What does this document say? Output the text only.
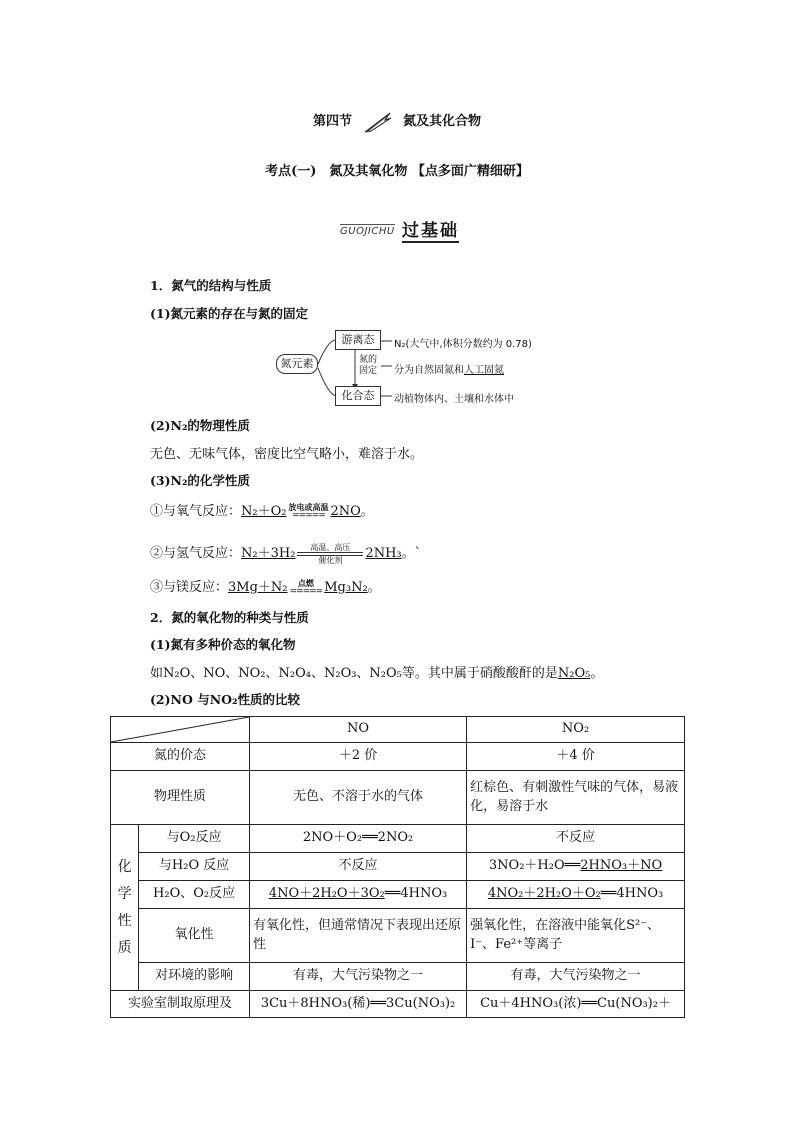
第四节	氮及其化合物
考点(一)　氮及其氧化物 【点多面广精细研】
GUOJICHU 过基础
1．氮气的结构与性质
(1)氮元素的存在与氮的固定
氮元素
游离态
化合态
氮的
固定
N₂(大气中,体积分数约为 0.78)
分为自然固氮和人工固氮
动植物体内、土壤和水体中
(2)N₂的物理性质
无色、无味气体，密度比空气略小，难溶于水。
(3)N₂的化学性质
①与氧气反应：N₂＋O₂ 放电或高温
===== 2NO。
②与氢气反应：N₂＋3H₂	高温、高压
催化剂	2NH₃。`
③与镁反应：3Mg＋N₂	点燃
===== Mg₃N₂。
2．氮的氧化物的种类与性质
(1)氮有多种价态的氧化物
如N₂O、NO、NO₂、N₂O₄、N₂O₃、N₂O₅等。其中属于硝酸酸酐的是N₂O₅。
(2)NO 与NO₂性质的比较
	NO	NO₂
氮的价态		＋2 价	＋4 价
物理性质		无色、不溶于水的气体	红棕色、有刺激性气味的气体，易液化，易溶于水

化学性质	与O₂反应	2NO＋O₂══2NO₂	不反应
	与H₂O 反应	不反应	3NO₂＋H₂O══2HNO₃＋NO
	H₂O、O₂反应	4NO＋2H₂O＋3O₂══4HNO₃	4NO₂＋2H₂O＋O₂══4HNO₃
	氧化性	有氧化性，但通常情况下表现出还原性	强氧化性，在溶液中能氧化S²⁻、I⁻、Fe²⁺等离子
	对环境的影响	有毒，大气污染物之一	有毒，大气污染物之一
实验室制取原理及		3Cu＋8HNO₃(稀)══3Cu(NO₃)₂	Cu＋4HNO₃(浓)══Cu(NO₃)₂＋
